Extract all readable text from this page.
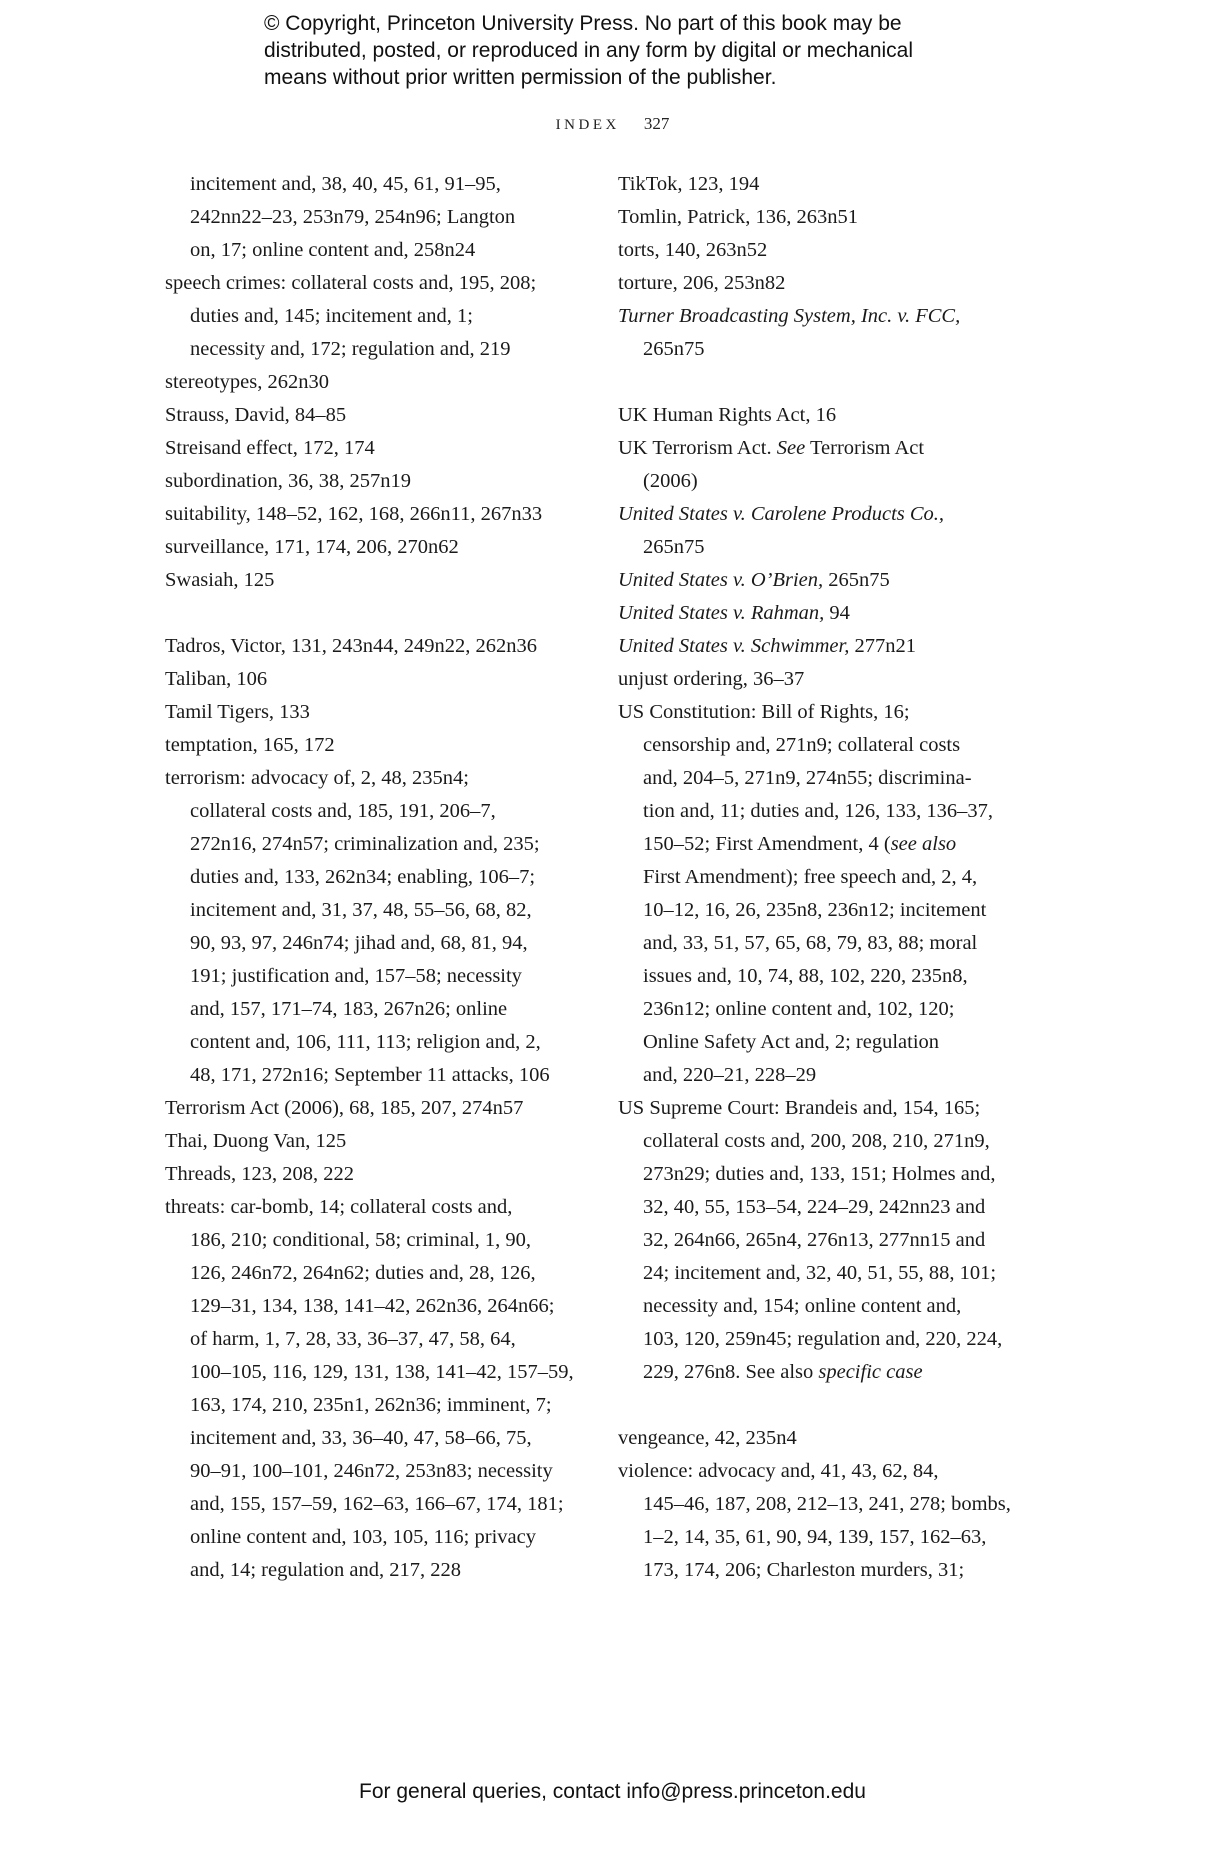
© Copyright, Princeton University Press. No part of this book may be
distributed, posted, or reproduced in any form by digital or mechanical
means without prior written permission of the publisher.
INDEX 327
incitement and, 38, 40, 45, 61, 91–95,
242nn22–23, 253n79, 254n96; Langton
on, 17; online content and, 258n24
speech crimes: collateral costs and, 195, 208;
duties and, 145; incitement and, 1;
necessity and, 172; regulation and, 219
stereotypes, 262n30
Strauss, David, 84–85
Streisand effect, 172, 174
subordination, 36, 38, 257n19
suitability, 148–52, 162, 168, 266n11, 267n33
surveillance, 171, 174, 206, 270n62
Swasiah, 125
Tadros, Victor, 131, 243n44, 249n22, 262n36
Taliban, 106
Tamil Tigers, 133
temptation, 165, 172
terrorism: advocacy of, 2, 48, 235n4;
collateral costs and, 185, 191, 206–7,
272n16, 274n57; criminalization and, 235;
duties and, 133, 262n34; enabling, 106–7;
incitement and, 31, 37, 48, 55–56, 68, 82,
90, 93, 97, 246n74; jihad and, 68, 81, 94,
191; justification and, 157–58; necessity
and, 157, 171–74, 183, 267n26; online
content and, 106, 111, 113; religion and, 2,
48, 171, 272n16; September 11 attacks, 106
Terrorism Act (2006), 68, 185, 207, 274n57
Thai, Duong Van, 125
Threads, 123, 208, 222
threats: car-bomb, 14; collateral costs and,
186, 210; conditional, 58; criminal, 1, 90,
126, 246n72, 264n62; duties and, 28, 126,
129–31, 134, 138, 141–42, 262n36, 264n66;
of harm, 1, 7, 28, 33, 36–37, 47, 58, 64,
100–105, 116, 129, 131, 138, 141–42, 157–59,
163, 174, 210, 235n1, 262n36; imminent, 7;
incitement and, 33, 36–40, 47, 58–66, 75,
90–91, 100–101, 246n72, 253n83; necessity
and, 155, 157–59, 162–63, 166–67, 174, 181;
online content and, 103, 105, 116; privacy
and, 14; regulation and, 217, 228
TikTok, 123, 194
Tomlin, Patrick, 136, 263n51
torts, 140, 263n52
torture, 206, 253n82
Turner Broadcasting System, Inc. v. FCC,
265n75
UK Human Rights Act, 16
UK Terrorism Act. See Terrorism Act
(2006)
United States v. Carolene Products Co.,
265n75
United States v. O’Brien, 265n75
United States v. Rahman, 94
United States v. Schwimmer, 277n21
unjust ordering, 36–37
US Constitution: Bill of Rights, 16;
censorship and, 271n9; collateral costs
and, 204–5, 271n9, 274n55; discrimina-
tion and, 11; duties and, 126, 133, 136–37,
150–52; First Amendment, 4 (see also
First Amendment); free speech and, 2, 4,
10–12, 16, 26, 235n8, 236n12; incitement
and, 33, 51, 57, 65, 68, 79, 83, 88; moral
issues and, 10, 74, 88, 102, 220, 235n8,
236n12; online content and, 102, 120;
Online Safety Act and, 2; regulation
and, 220–21, 228–29
US Supreme Court: Brandeis and, 154, 165;
collateral costs and, 200, 208, 210, 271n9,
273n29; duties and, 133, 151; Holmes and,
32, 40, 55, 153–54, 224–29, 242nn23 and
32, 264n66, 265n4, 276n13, 277nn15 and
24; incitement and, 32, 40, 51, 55, 88, 101;
necessity and, 154; online content and,
103, 120, 259n45; regulation and, 220, 224,
229, 276n8. See also specific case
vengeance, 42, 235n4
violence: advocacy and, 41, 43, 62, 84,
145–46, 187, 208, 212–13, 241, 278; bombs,
1–2, 14, 35, 61, 90, 94, 139, 157, 162–63,
173, 174, 206; Charleston murders, 31;
For general queries, contact info@press.princeton.edu
